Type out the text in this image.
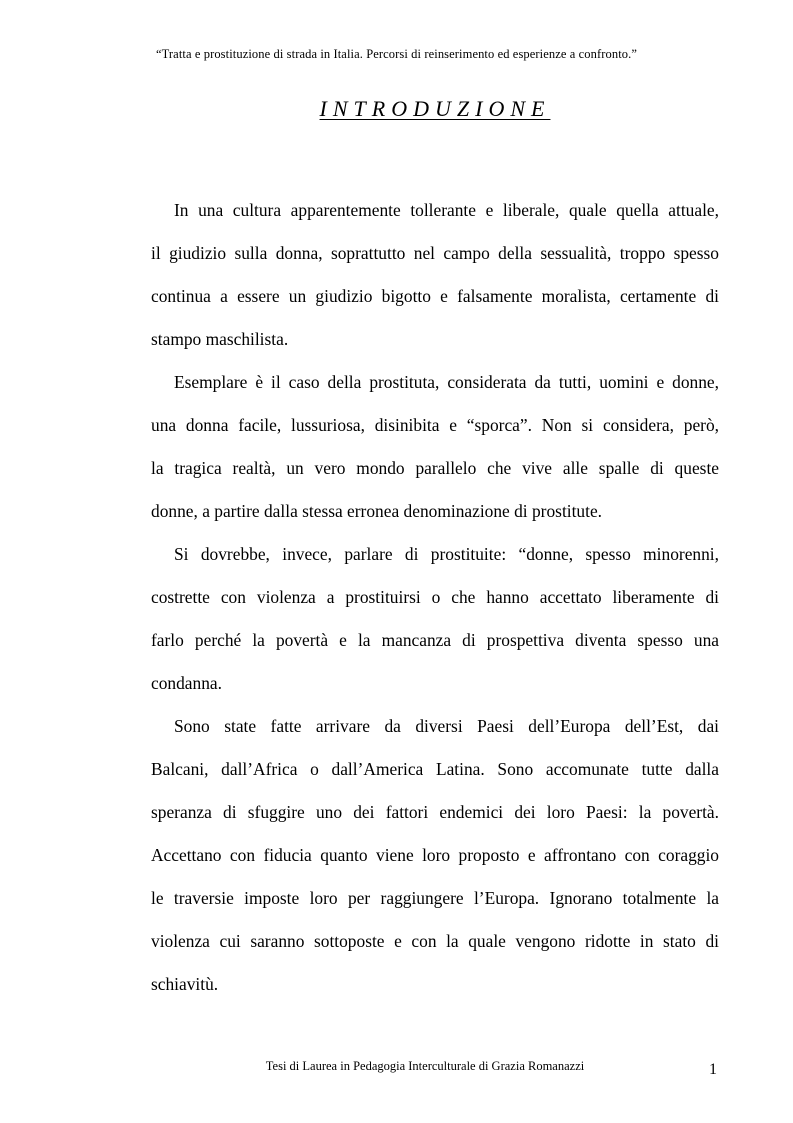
“Tratta e prostituzione di strada in Italia. Percorsi di reinserimento ed esperienze a confronto.”
INTRODUZIONE
In una cultura apparentemente tollerante e liberale, quale quella attuale,
il giudizio sulla donna, soprattutto nel campo della sessualità, troppo spesso
continua a essere un giudizio bigotto e falsamente moralista, certamente di
stampo maschilista.
Esemplare è il caso della prostituta, considerata da tutti, uomini e donne,
una donna facile, lussuriosa, disinibita e “sporca”. Non si considera, però,
la tragica realtà, un vero mondo parallelo che vive alle spalle di queste
donne, a partire dalla stessa erronea denominazione di prostitute.
Si dovrebbe, invece, parlare di prostituite: “donne, spesso minorenni,
costrette con violenza a prostituirsi o che hanno accettato liberamente di
farlo perché la povertà e la mancanza di prospettiva diventa spesso una
condanna.
Sono state fatte arrivare da diversi Paesi dell’Europa dell’Est, dai
Balcani, dall’Africa o dall’America Latina. Sono accomunate tutte dalla
speranza di sfuggire uno dei fattori endemici dei loro Paesi: la povertà.
Accettano con fiducia quanto viene loro proposto e affrontano con coraggio
le traversie imposte loro per raggiungere l’Europa. Ignorano totalmente la
violenza cui saranno sottoposte e con la quale vengono ridotte in stato di
schiavitù.
Tesi di Laurea in Pedagogia Interculturale di Grazia Romanazzi	1
